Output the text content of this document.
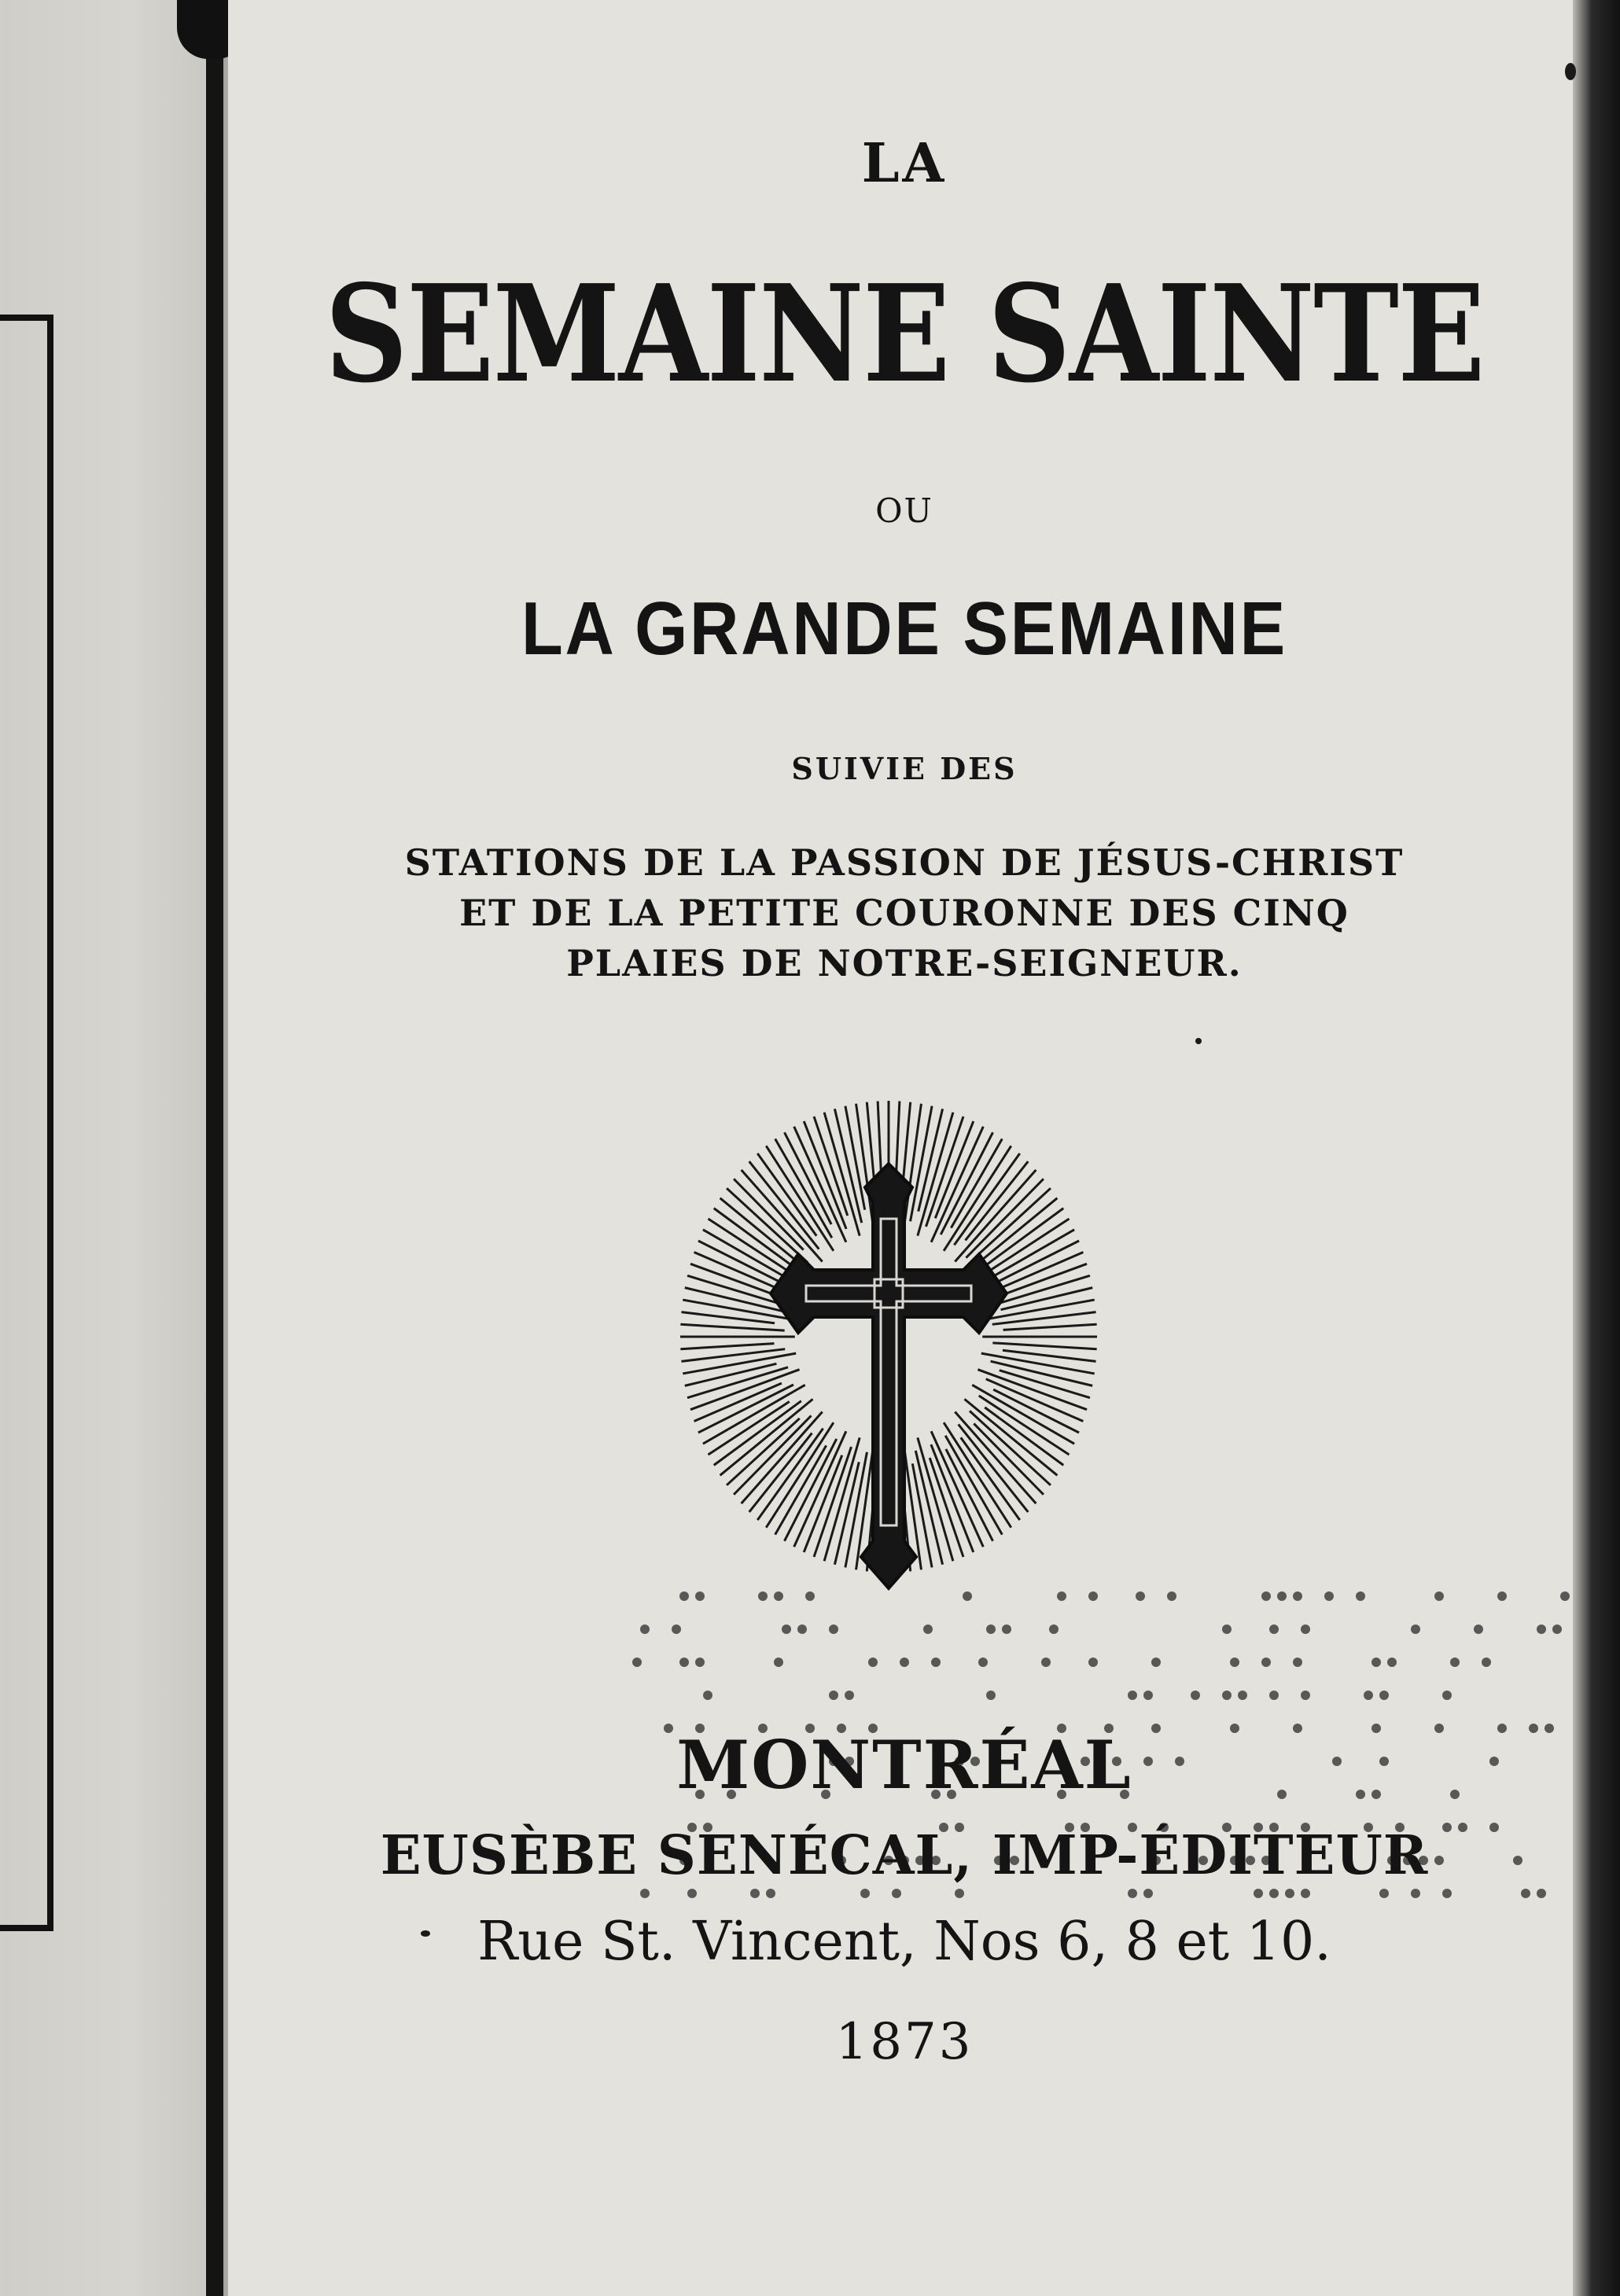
LA

SEMAINE SAINTE

OU

LA GRANDE SEMAINE

SUIVIE DES

STATIONS DE LA PASSION DE JÉSUS-CHRIST
ET DE LA PETITE COURONNE DES CINQ
PLAIES DE NOTRE-SEIGNEUR.

MONTRÉAL

EUSÈBE SENÉCAL, IMP-ÉDITEUR

Rue St. Vincent, Nos 6, 8 et 10.

1873
